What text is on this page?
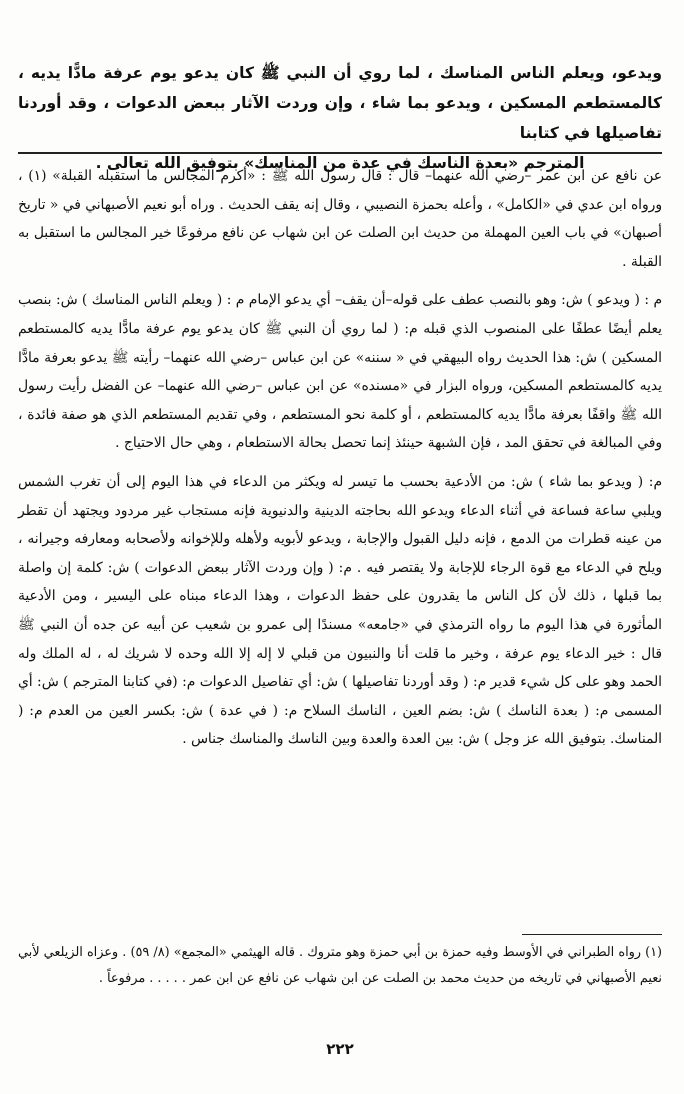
ويدعو، ويعلم الناس المناسك ، لما روي أن النبي ﷺ كان يدعو يوم عرفة مادًّا يديه ، كالمستطعم المسكين ، ويدعو بما شاء ، وإن وردت الآثار ببعض الدعوات ، وقد أوردنا تفاصيلها في كتابنا

المترجم «بعدة الناسك في عدة من المناسك» بتوفيق الله تعالى .

عن نافع عن ابن عمر –رضي الله عنهما– قال : قال رسول الله ﷺ : «أكرم المجالس ما استقبله القبلة» (١) ، ورواه ابن عدي في «الكامل» ، وأعله بحمزة النصيبي ، وقال إنه يقف الحديث . وراه أبو نعيم الأصبهاني في « تاريخ أصبهان» في باب العين المهملة من حديث ابن الصلت عن ابن شهاب عن نافع مرفوعًا خير المجالس ما استقبل به القبلة .

م : ( ويدعو ) ش: وهو بالنصب عطف على قوله–أن يقف– أي يدعو الإمام م : ( ويعلم الناس المناسك ) ش: بنصب يعلم أيضًا عطفًا على المنصوب الذي قبله م: ( لما روي أن النبي ﷺ كان يدعو يوم عرفة مادًّا يديه كالمستطعم المسكين ) ش: هذا الحديث رواه البيهقي في « سننه» عن ابن عباس –رضي الله عنهما– رأيته ﷺ يدعو بعرفة مادًّا يديه كالمستطعم المسكين، ورواه البزار في «مسنده» عن ابن عباس –رضي الله عنهما– عن الفضل رأيت رسول الله ﷺ واقفًا بعرفة مادًّا يديه كالمستطعم ، أو كلمة نحو المستطعم ، وفي تقديم المستطعم الذي هو صفة فائدة ، وفي المبالغة في تحقق المد ، فإن الشبهة حينئذ إنما تحصل بحالة الاستطعام ، وهي حال الاحتياج .

م: ( ويدعو بما شاء ) ش: من الأدعية بحسب ما تيسر له ويكثر من الدعاء في هذا اليوم إلى أن تغرب الشمس ويلبي ساعة فساعة في أثناء الدعاء ويدعو الله بحاجته الدينية والدنيوية فإنه مستجاب غير مردود ويجتهد أن تقطر من عينه قطرات من الدمع ، فإنه دليل القبول والإجابة ، ويدعو لأبويه ولأهله وللإخوانه ولأصحابه ومعارفه وجيرانه ، ويلح في الدعاء مع قوة الرجاء للإجابة ولا يقتصر فيه . م: ( وإن وردت الآثار ببعض الدعوات ) ش: كلمة إن واصلة بما قبلها ، ذلك لأن كل الناس ما يقدرون على حفظ الدعوات ، وهذا الدعاء مبناه على اليسير ، ومن الأدعية المأثورة في هذا اليوم ما رواه الترمذي في «جامعه» مسندًا إلى عمرو بن شعيب عن أبيه عن جده أن النبي ﷺ قال : خير الدعاء يوم عرفة ، وخير ما قلت أنا والنبيون من قبلي لا إله إلا الله وحده لا شريك له ، له الملك وله الحمد وهو على كل شيء قدير م: ( وقد أوردنا تفاصيلها ) ش: أي تفاصيل الدعوات م: (في كتابنا المترجم ) ش: أي المسمى م: ( بعدة الناسك ) ش: بضم العين ، الناسك السلاح م: ( في عدة ) ش: بكسر العين من العدم م: ( المناسك. بتوفيق الله عز وجل ) ش: بين العدة والعدة وبين الناسك والمناسك جناس .

(١) رواه الطبراني في الأوسط وفيه حمزة بن أبي حمزة وهو متروك . قاله الهيثمي «المجمع» (٨/ ٥٩) . وعزاه الزيلعي لأبي نعيم الأصبهاني في تاريخه من حديث محمد بن الصلت عن ابن شهاب عن نافع عن ابن عمر . . . . . مرفوعاً .

٢٢٢
